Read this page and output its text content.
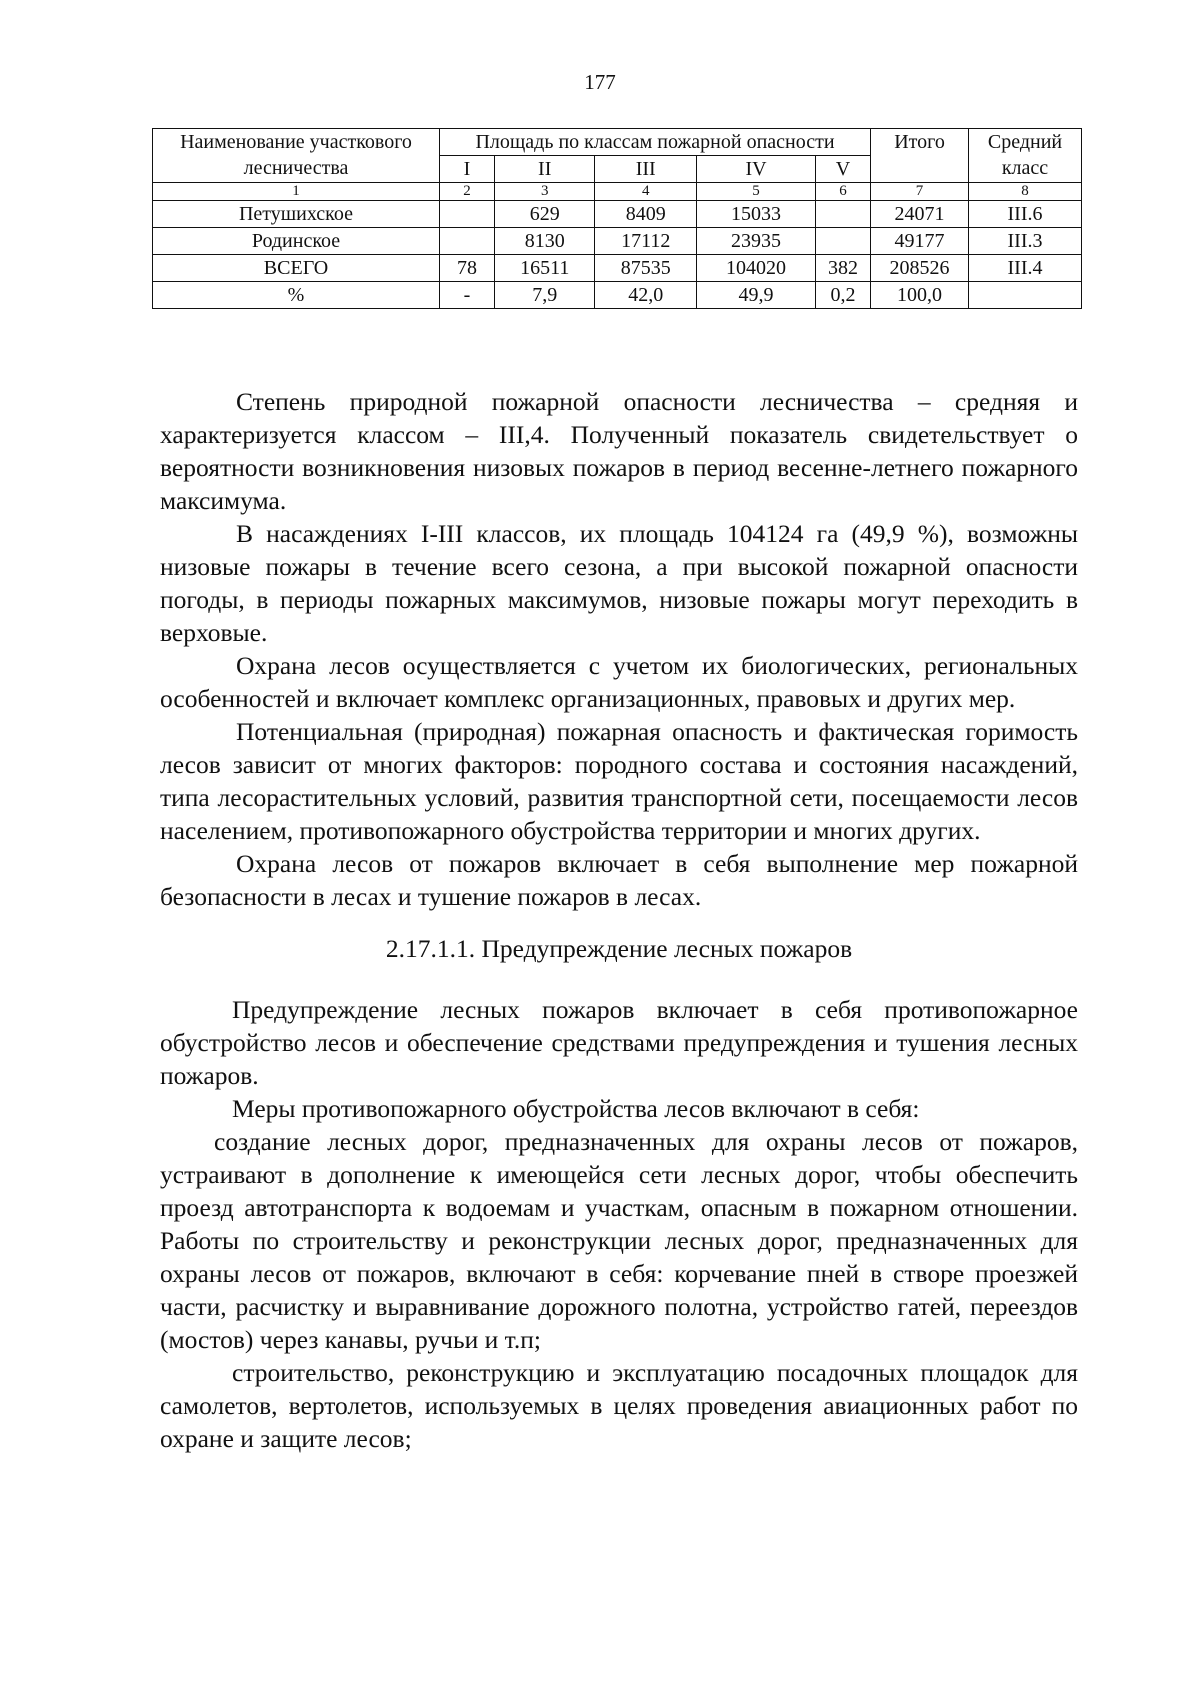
177
Наименование участкового лесничества	Площадь по классам пожарной опасности					Итого	Средний класс
	I	II	III	IV	V		
1	2	3	4	5	6	7	8
Петушихское		629	8409	15033		24071	III.6
Родинское		8130	17112	23935		49177	III.3
ВСЕГО	78	16511	87535	104020	382	208526	III.4
%	-	7,9	42,0	49,9	0,2	100,0	

Степень природной пожарной опасности лесничества – средняя и характеризуется классом – III,4. Полученный показатель свидетельствует о вероятности возникновения низовых пожаров в период весенне-летнего пожарного максимума.

В насаждениях I-III классов, их площадь 104124 га (49,9 %), возможны низовые пожары в течение всего сезона, а при высокой пожарной опасности погоды, в периоды пожарных максимумов, низовые пожары могут переходить в верховые.

Охрана лесов осуществляется с учетом их биологических, региональных особенностей и включает комплекс организационных, правовых и других мер.

Потенциальная (природная) пожарная опасность и фактическая горимость лесов зависит от многих факторов: породного состава и состояния насаждений, типа лесорастительных условий, развития транспортной сети, посещаемости лесов населением, противопожарного обустройства территории и многих других.

Охрана лесов от пожаров включает в себя выполнение мер пожарной безопасности в лесах и тушение пожаров в лесах.

2.17.1.1. Предупреждение лесных пожаров

Предупреждение лесных пожаров включает в себя противопожарное обустройство лесов и обеспечение средствами предупреждения и тушения лесных пожаров.

Меры противопожарного обустройства лесов включают в себя:

создание лесных дорог, предназначенных для охраны лесов от пожаров, устраивают в дополнение к имеющейся сети лесных дорог, чтобы обеспечить проезд автотранспорта к водоемам и участкам, опасным в пожарном отношении. Работы по строительству и реконструкции лесных дорог, предназначенных для охраны лесов от пожаров, включают в себя: корчевание пней в створе проезжей части, расчистку и выравнивание дорожного полотна, устройство гатей, переездов (мостов) через канавы, ручьи и т.п;

строительство, реконструкцию и эксплуатацию посадочных площадок для самолетов, вертолетов, используемых в целях проведения авиационных работ по охране и защите лесов;
